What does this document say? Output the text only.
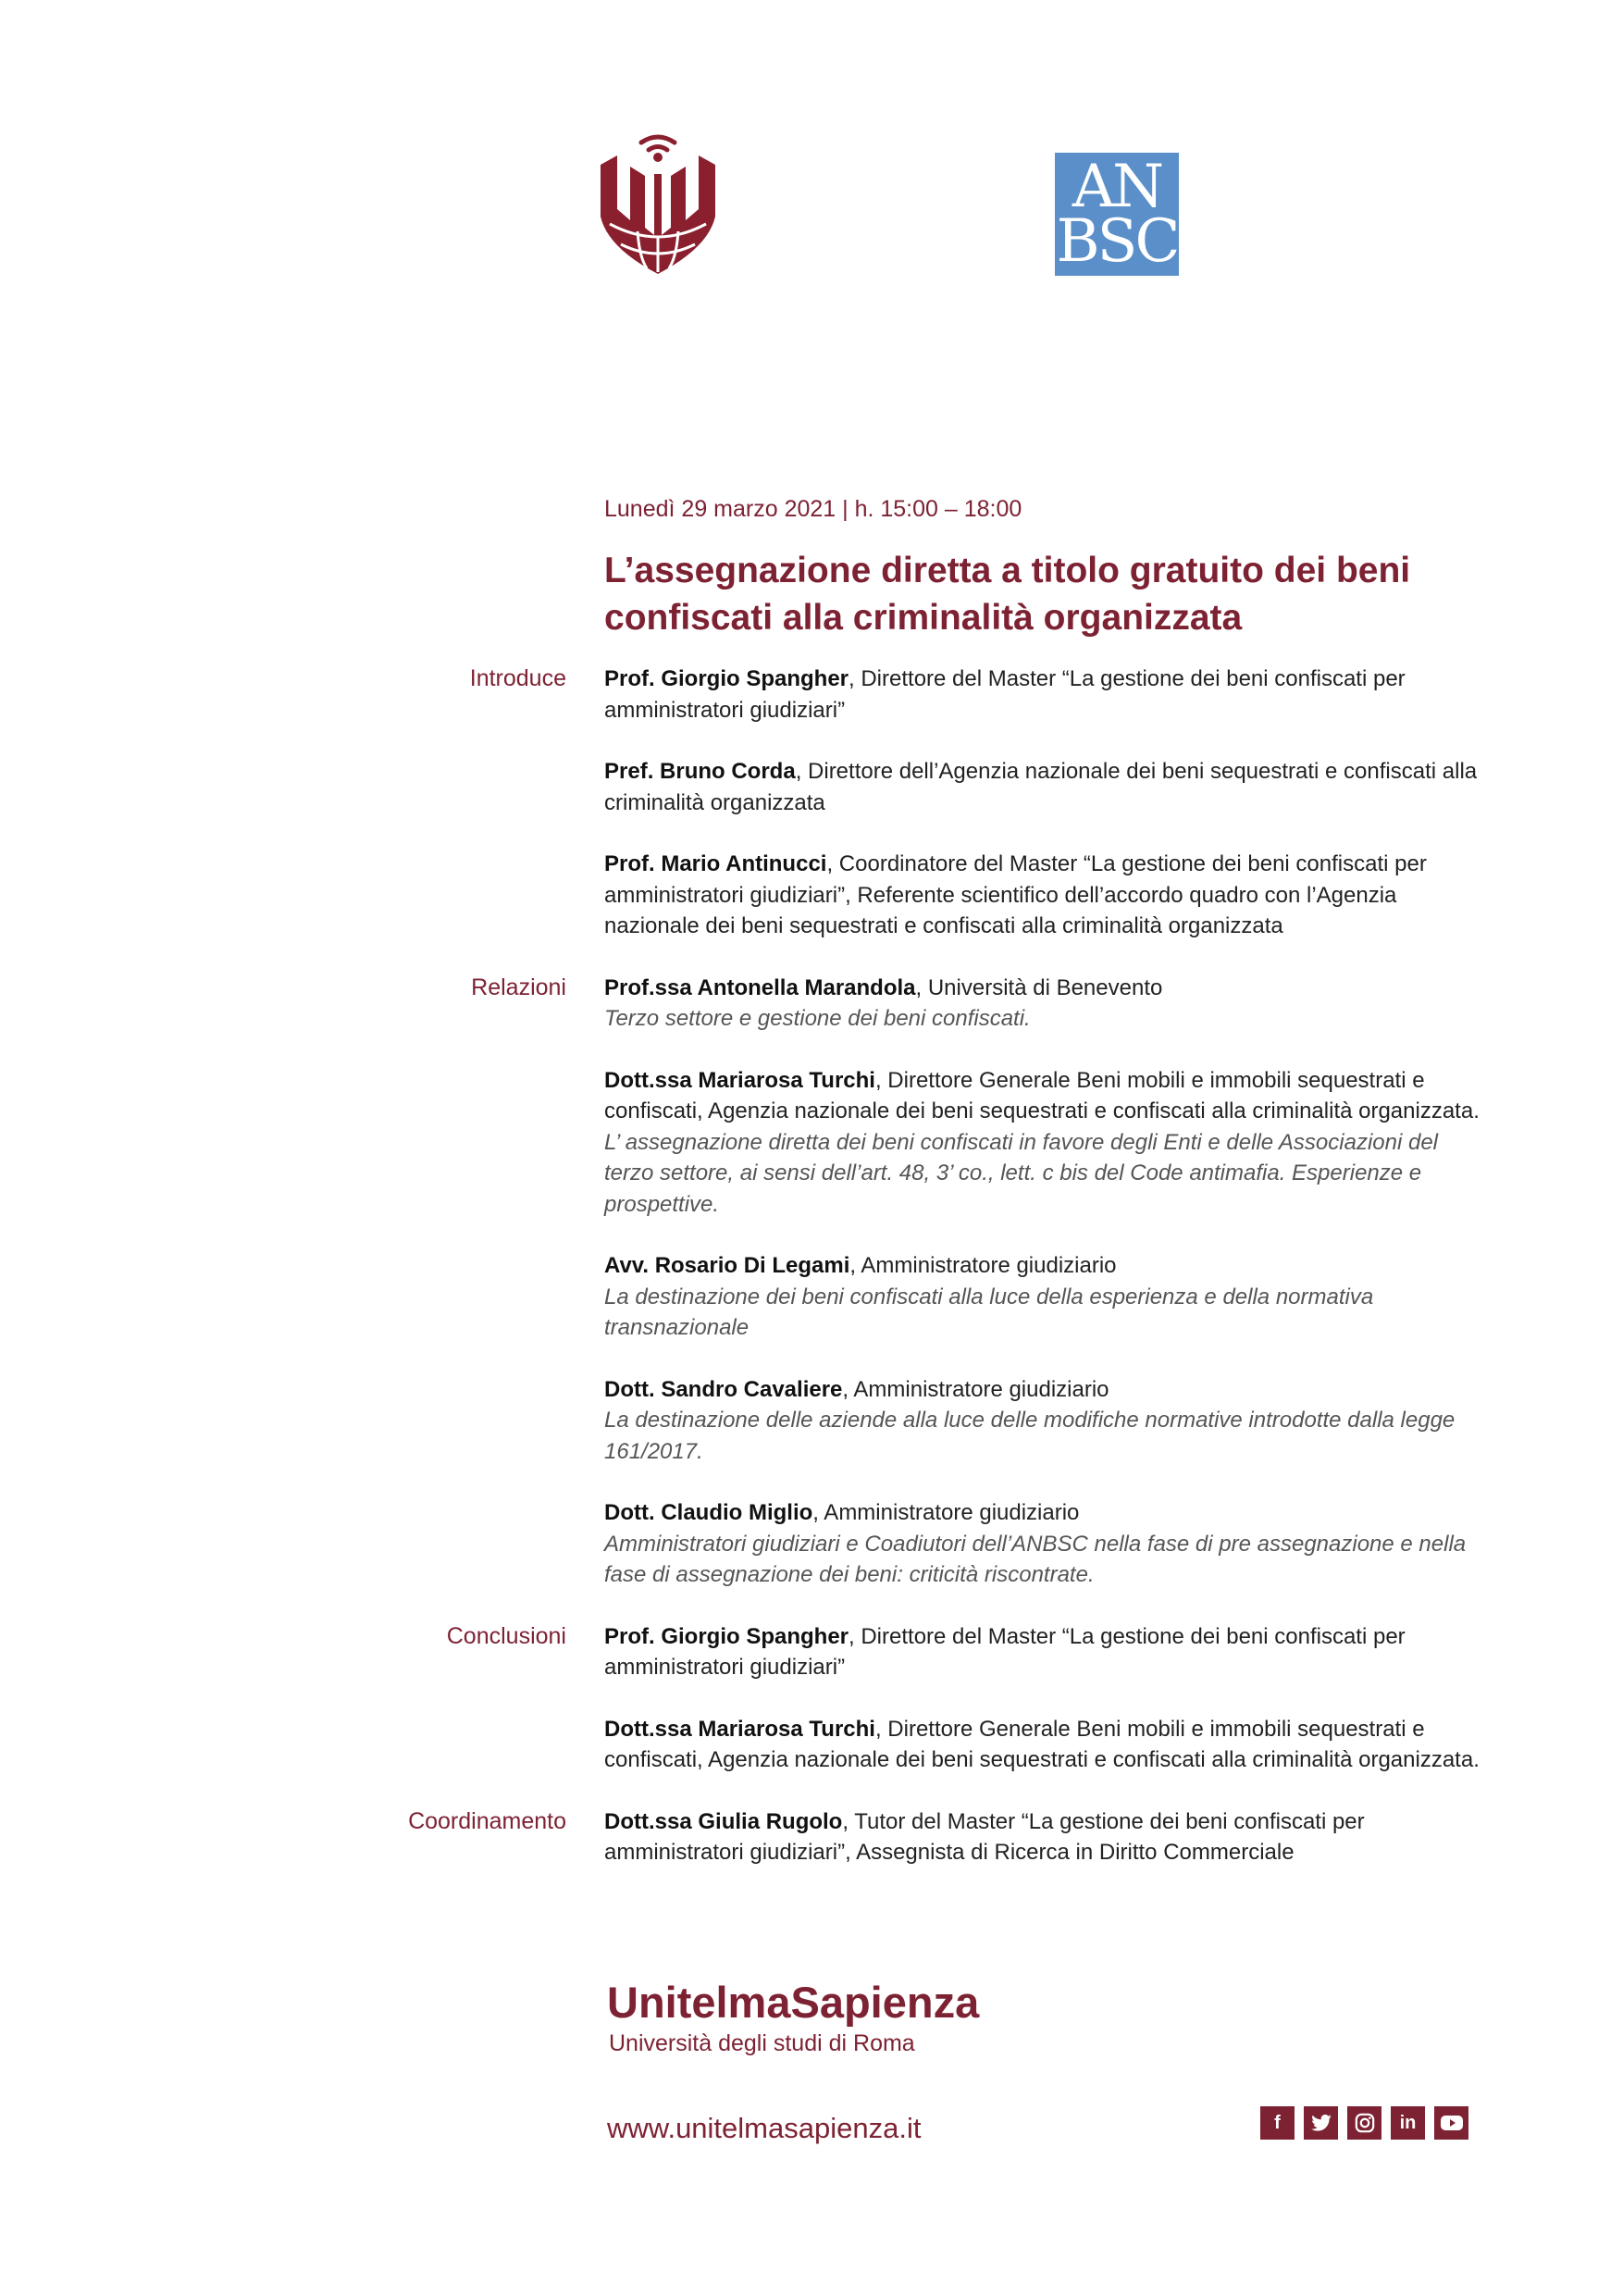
AN
BSC
Lunedì 29 marzo 2021 | h. 15:00 – 18:00
L’assegnazione diretta a titolo gratuito dei beni confiscati alla criminalità organizzata
Introduce Prof. Giorgio Spangher, Direttore del Master “La gestione dei beni confiscati per amministratori giudiziari”
Pref. Bruno Corda, Direttore dell’Agenzia nazionale dei beni sequestrati e confiscati alla criminalità organizzata
Prof. Mario Antinucci, Coordinatore del Master “La gestione dei beni confiscati per amministratori giudiziari”, Referente scientifico dell’accordo quadro con l’Agenzia nazionale dei beni sequestrati e confiscati alla criminalità organizzata
Relazioni Prof.ssa Antonella Marandola, Università di Benevento
Terzo settore e gestione dei beni confiscati.
Dott.ssa Mariarosa Turchi, Direttore Generale Beni mobili e immobili sequestrati e confiscati, Agenzia nazionale dei beni sequestrati e confiscati alla criminalità organizzata. L’ assegnazione diretta dei beni confiscati in favore degli Enti e delle Associazioni del terzo settore, ai sensi dell’art. 48, 3’ co., lett. c bis del Code antimafia. Esperienze e prospettive.
Avv. Rosario Di Legami, Amministratore giudiziario
La destinazione dei beni confiscati alla luce della esperienza e della normativa transnazionale
Dott. Sandro Cavaliere, Amministratore giudiziario
La destinazione delle aziende alla luce delle modifiche normative introdotte dalla legge 161/2017.
Dott. Claudio Miglio, Amministratore giudiziario
Amministratori giudiziari e Coadiutori dell’ANBSC nella fase di pre assegnazione e nella fase di assegnazione dei beni: criticità riscontrate.
Conclusioni Prof. Giorgio Spangher, Direttore del Master “La gestione dei beni confiscati per amministratori giudiziari”
Dott.ssa Mariarosa Turchi, Direttore Generale Beni mobili e immobili sequestrati e confiscati, Agenzia nazionale dei beni sequestrati e confiscati alla criminalità organizzata.
Coordinamento Dott.ssa Giulia Rugolo, Tutor del Master “La gestione dei beni confiscati per amministratori giudiziari”, Assegnista di Ricerca in Diritto Commerciale
UnitelmaSapienza
Università degli studi di Roma
www.unitelmasapienza.it	f	in
